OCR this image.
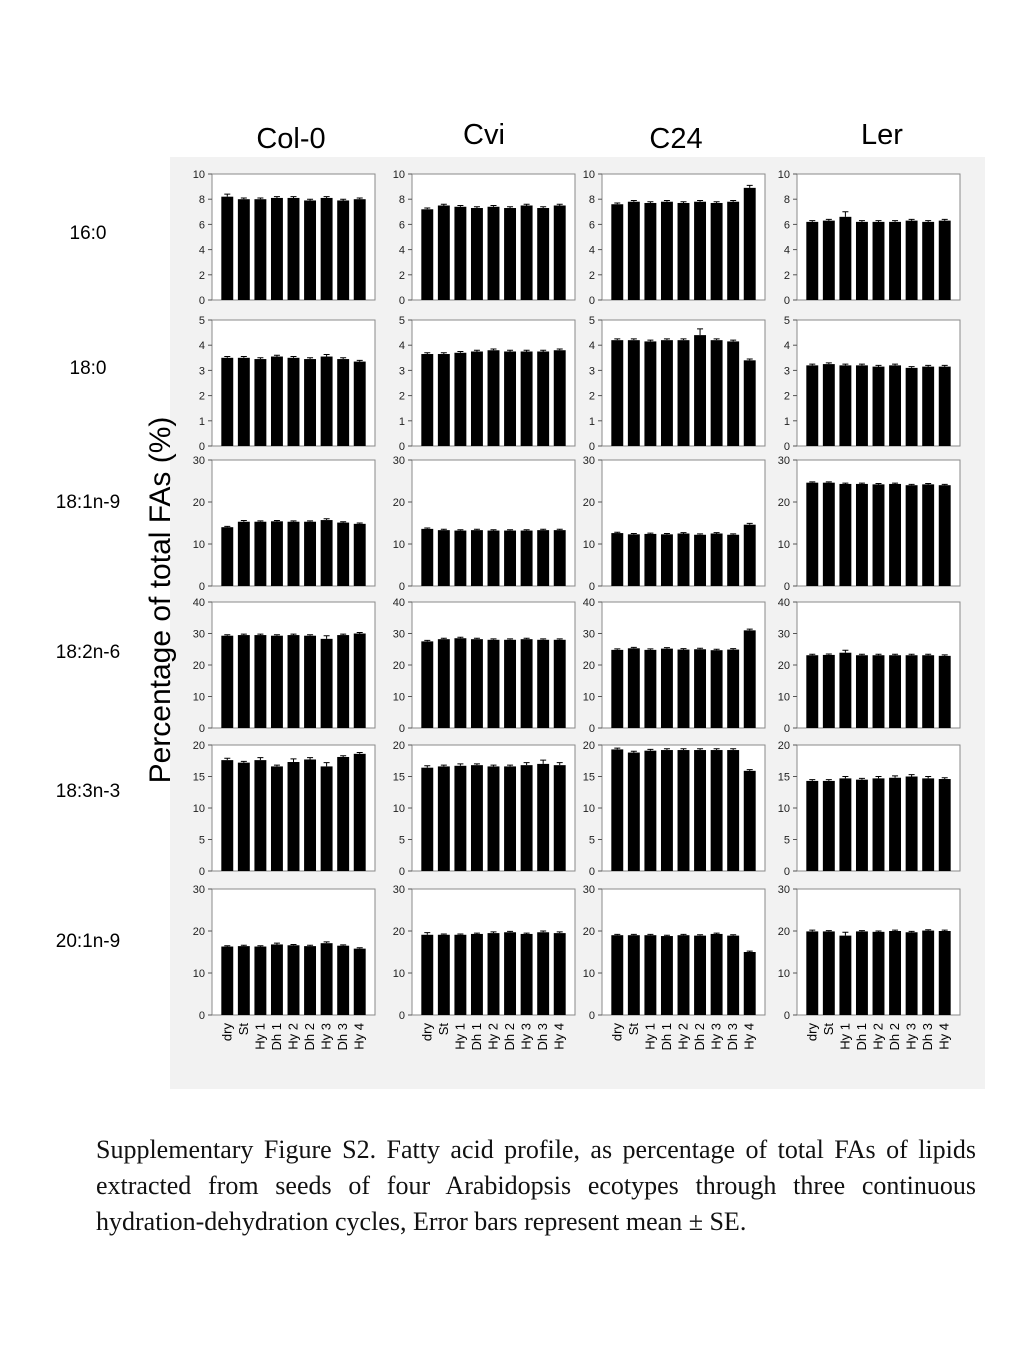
Col-0	Cvi	C24	Ler
16:0
18:0
18:1n-9
18:2n-6
18:3n-3
20:1n-9
Percentage of total FAs (%)
0
2
4
6
8
10
0
2
4
6
8
10
0
2
4
6
8
10
0
2
4
6
8
10
0
1
2
3
4
5
0
1
2
3
4
5
0
1
2
3
4
5
0
1
2
3
4
5
0
10
20
30
0
10
20
30
0
10
20
30
0
10
20
30
0
10
20
30
40
0
10
20
30
40
0
10
20
30
40
0
10
20
30
40
0
5
10
15
20
0
5
10
15
20
0
5
10
15
20
0
5
10
15
20
0
10
20
30
dry St Hy 1 Dh 1 Hy 2 Dh 2 Hy 3 Dh 3 Hy 4
0
10
20
30
dry St Hy 1 Dh 1 Hy 2 Dh 2 Hy 3 Dh 3 Hy 4
0
10
20
30
dry St Hy 1 Dh 1 Hy 2 Dh 2 Hy 3 Dh 3 Hy 4
0
10
20
30
dry St Hy 1 Dh 1 Hy 2 Dh 2 Hy 3 Dh 3 Hy 4
Supplementary Figure S2. Fatty acid profile, as percentage of total FAs of lipids extracted from seeds of four Arabidopsis ecotypes through three continuous hydration-dehydration cycles, Error bars represent mean ± SE.
